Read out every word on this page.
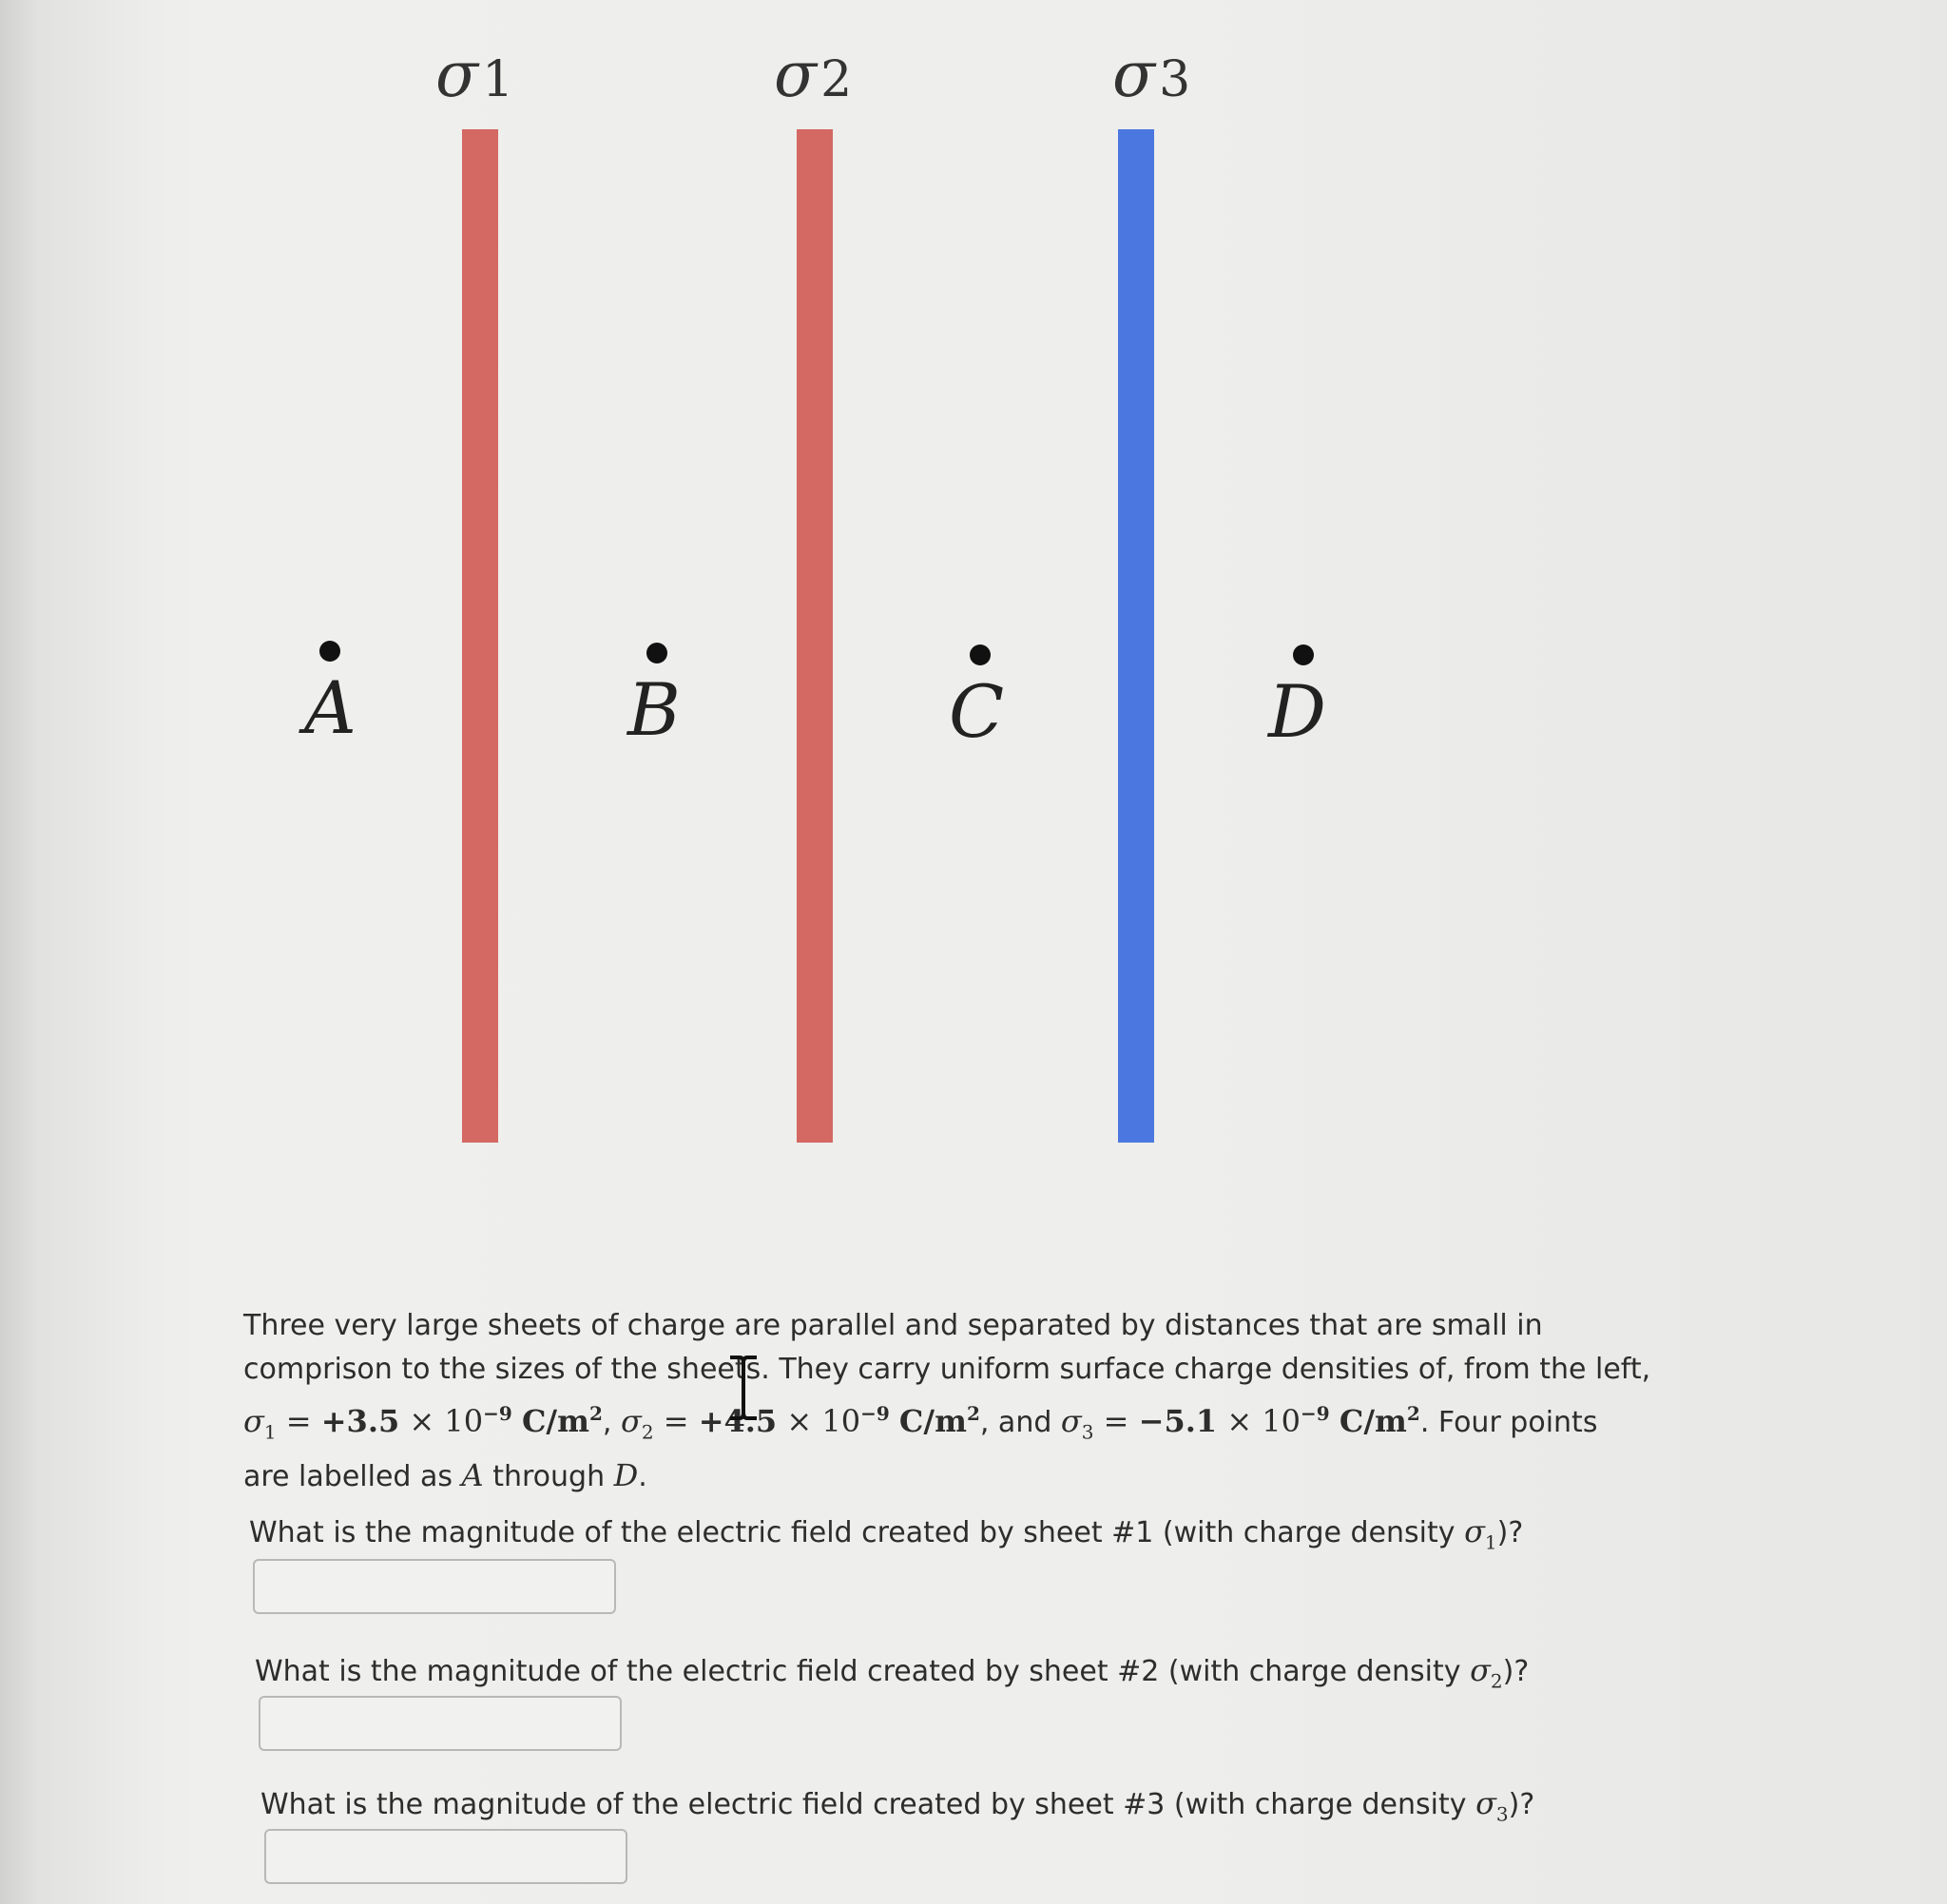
σ1	σ2	σ3
A	B	C	D
Three very large sheets of charge are parallel and separated by distances that are small in
comprison to the sizes of the sheets. They carry uniform surface charge densities of, from the left,
$\sigma_1 = +3.5 \times 10^{-9}$ $C/m^2$, $\sigma_2 = +4.5 \times 10^{-9}$ $C/m^2$, and $\sigma_3 = -5.1 \times 10^{-9}$ $C/m^2$. Four points
are labelled as A through D.
What is the magnitude of the electric field created by sheet #1 (with charge density $\sigma_1$)?
What is the magnitude of the electric field created by sheet #2 (with charge density $\sigma_2$)?
What is the magnitude of the electric field created by sheet #3 (with charge density $\sigma_3$)?
